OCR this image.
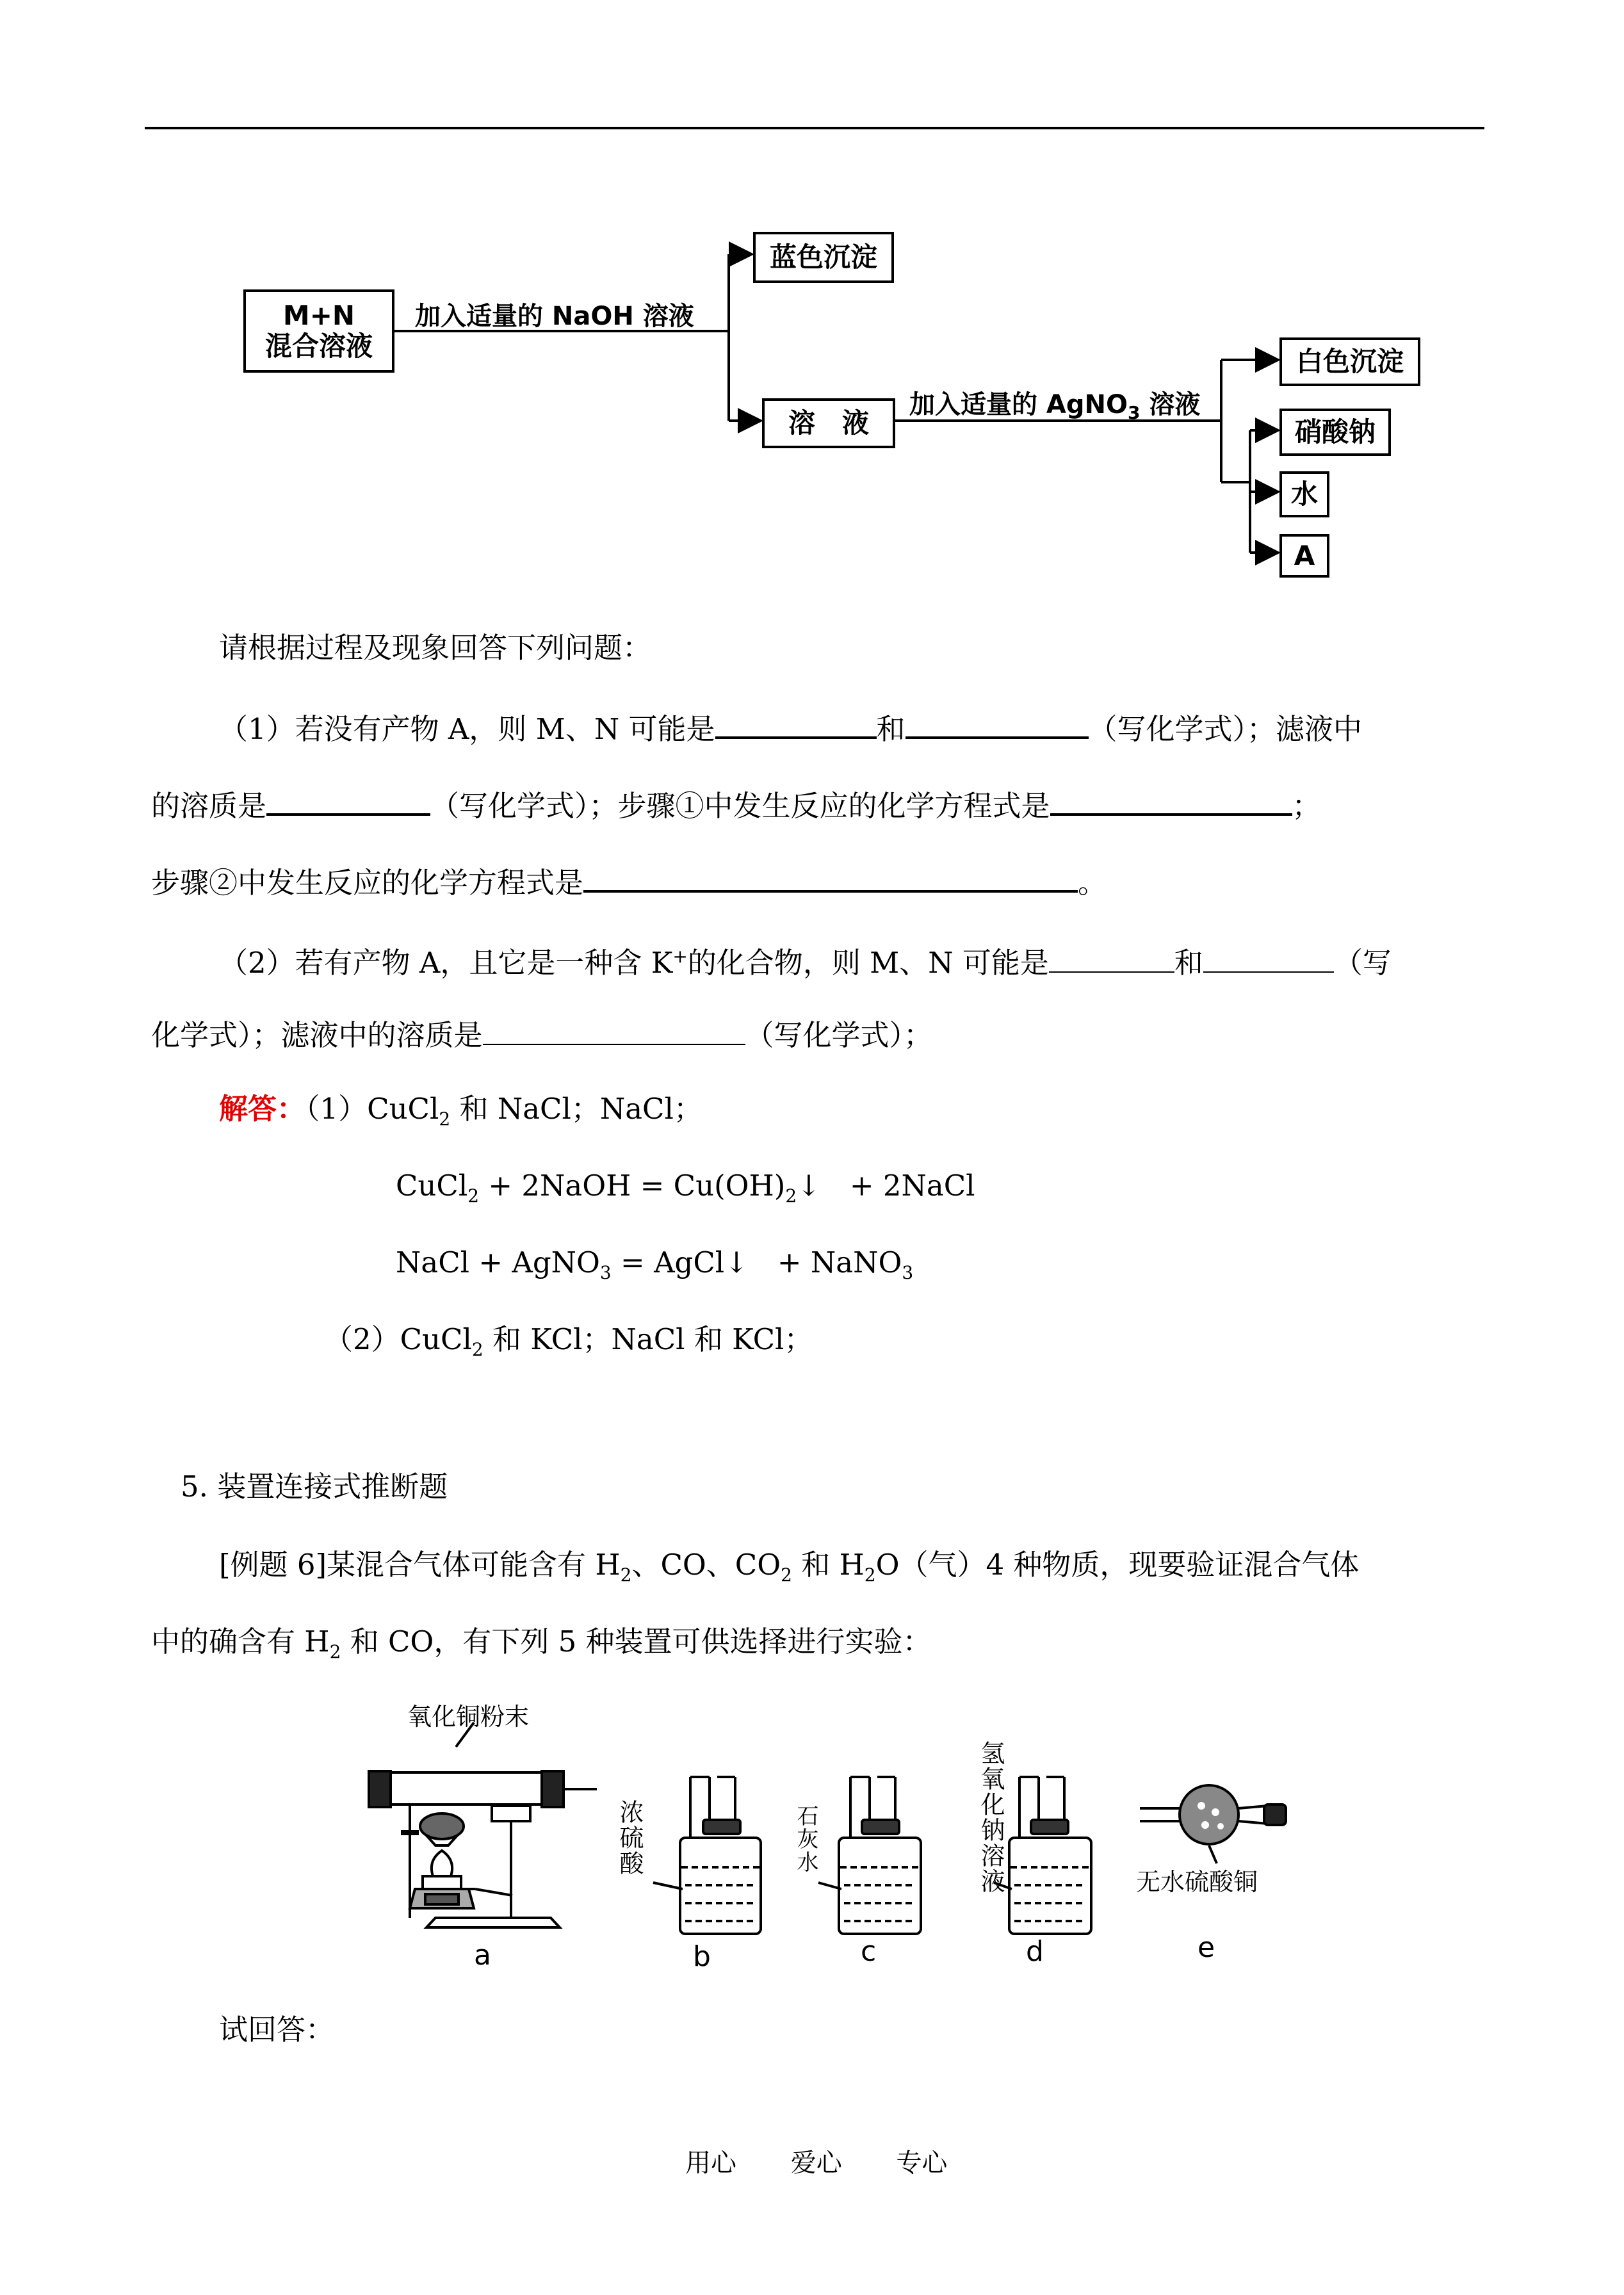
M+N
混合溶液
加入适量的 NaOH 溶液
蓝色沉淀
溶　液
加入适量的 AgNO$_3$ 溶液
白色沉淀
硝酸钠
水
A
请根据过程及现象回答下列问题：
（1）若没有产物 A，则 M、N 可能是	和	（写化学式）；滤液中
的溶质是	（写化学式）；步骤①中发生反应的化学方程式是	；
步骤②中发生反应的化学方程式是	。
（2）若有产物 A，且它是一种含 K+的化合物，则 M、N 可能是	和	（写
化学式）；滤液中的溶质是	（写化学式）；
解答：（1）CuCl$_2$ 和 NaCl；NaCl；
CuCl$_2$ + 2NaOH = $Cu(OH)_2↓$　+ 2NaCl
NaCl + AgNO$_3$ = AgCl↓　+ NaNO$_3$
（2）CuCl$_2$ 和 KCl；NaCl 和 KCl；
5. 装置连接式推断题
[例题 6]某混合气体可能含有 $H_2$、CO、$CO_2$ 和 $H_2O$（气）4 种物质，现要验证混合气体
中的确含有 $H_2$ 和 CO，有下列 5 种装置可供选择进行实验：
氧化铜粉末
浓硫酸	石灰水	氢氧化钠溶液	无水硫酸铜
a	b	c	d	e
试回答：
用心 爱心 专心
